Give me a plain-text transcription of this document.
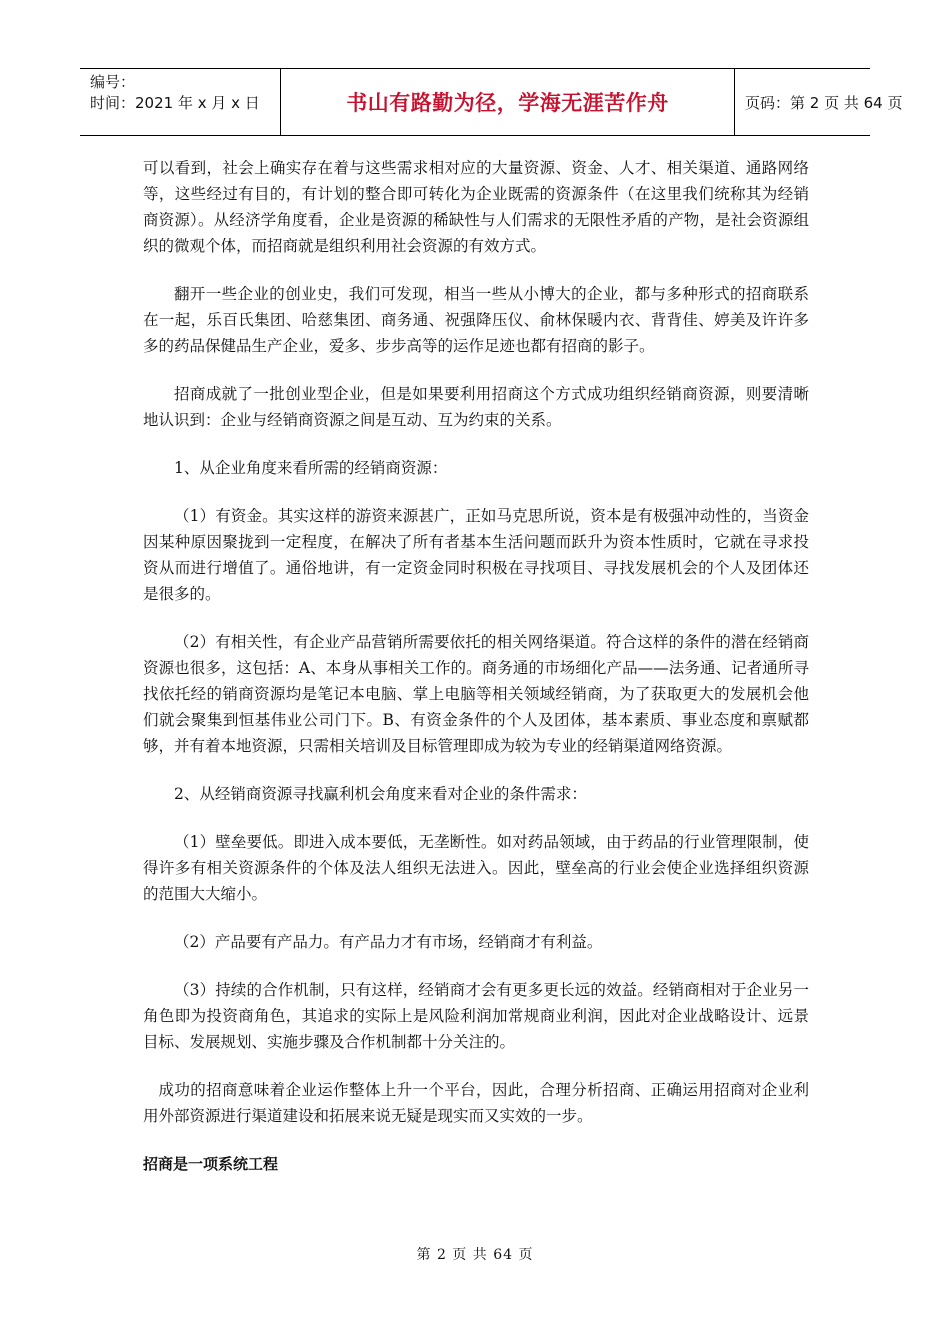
编号：
时间：2021 年 x 月 x 日	书山有路勤为径，学海无涯苦作舟	页码：第 2 页 共 64 页

可以看到，社会上确实存在着与这些需求相对应的大量资源、资金、人才、相关渠道、通路网络等，这些经过有目的，有计划的整合即可转化为企业既需的资源条件（在这里我们统称其为经销商资源）。从经济学角度看，企业是资源的稀缺性与人们需求的无限性矛盾的产物，是社会资源组织的微观个体，而招商就是组织利用社会资源的有效方式。

翻开一些企业的创业史，我们可发现，相当一些从小博大的企业，都与多种形式的招商联系在一起，乐百氏集团、哈慈集团、商务通、祝强降压仪、俞林保暖内衣、背背佳、婷美及许许多多的药品保健品生产企业，爱多、步步高等的运作足迹也都有招商的影子。

招商成就了一批创业型企业，但是如果要利用招商这个方式成功组织经销商资源，则要清晰地认识到：企业与经销商资源之间是互动、互为约束的关系。

1、从企业角度来看所需的经销商资源：

（1）有资金。其实这样的游资来源甚广，正如马克思所说，资本是有极强冲动性的，当资金因某种原因聚拢到一定程度，在解决了所有者基本生活问题而跃升为资本性质时，它就在寻求投资从而进行增值了。通俗地讲，有一定资金同时积极在寻找项目、寻找发展机会的个人及团体还是很多的。

（2）有相关性，有企业产品营销所需要依托的相关网络渠道。符合这样的条件的潜在经销商资源也很多，这包括：A、本身从事相关工作的。商务通的市场细化产品——法务通、记者通所寻找依托经的销商资源均是笔记本电脑、掌上电脑等相关领域经销商，为了获取更大的发展机会他们就会聚集到恒基伟业公司门下。B、有资金条件的个人及团体，基本素质、事业态度和禀赋都够，并有着本地资源，只需相关培训及目标管理即成为较为专业的经销渠道网络资源。

2、从经销商资源寻找赢利机会角度来看对企业的条件需求：

（1）壁垒要低。即进入成本要低，无垄断性。如对药品领域，由于药品的行业管理限制，使得许多有相关资源条件的个体及法人组织无法进入。因此，壁垒高的行业会使企业选择组织资源的范围大大缩小。

（2）产品要有产品力。有产品力才有市场，经销商才有利益。

（3）持续的合作机制，只有这样，经销商才会有更多更长远的效益。经销商相对于企业另一角色即为投资商角色，其追求的实际上是风险利润加常规商业利润，因此对企业战略设计、远景目标、发展规划、实施步骤及合作机制都十分关注的。

成功的招商意味着企业运作整体上升一个平台，因此，合理分析招商、正确运用招商对企业利用外部资源进行渠道建设和拓展来说无疑是现实而又实效的一步。

招商是一项系统工程
第 2 页 共 64 页
